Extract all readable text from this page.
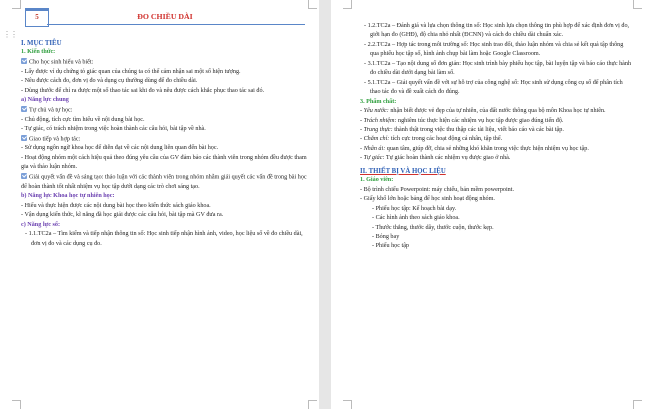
⋮⋮
5	ĐO CHIỀU DÀI

I. MỤC TIÊU

1. Kiến thức:

Cho học sinh hiểu và biết:

- Lấy được ví dụ chứng tỏ giác quan của chúng ta có thể cảm nhận sai một số hiện tượng.

- Nêu được cách đo, đơn vị đo và dụng cụ thường dùng để đo chiều dài.

- Dùng thước để chỉ ra được một số thao tác sai khi đo và nêu được cách khắc phục thao tác sai đó.

a) Năng lực chung

Tự chủ và tự học:

- Chủ động, tích cực tìm hiểu về nội dung bài học.

- Tự giác, có trách nhiệm trong việc hoàn thành các câu hỏi, bài tập về nhà.

Giao tiếp và hợp tác:

- Sử dụng ngôn ngữ khoa học để diễn đạt về các nội dung liên quan đến bài học.

- Hoạt động nhóm một cách hiệu quả theo đúng yêu cầu của GV đảm bảo các thành viên trong nhóm đều được tham gia và thảo luận nhóm.

Giải quyết vấn đề và sáng tạo: thảo luận với các thành viên trong nhóm nhằm giải quyết các vấn đề trong bài học để hoàn thành tốt nhất nhiệm vụ học tập dưới dạng các trò chơi sáng tạo.

b) Năng lực Khoa học tự nhiên học:

- Hiểu và thực hiện được các nội dung bài học theo kiến thức sách giáo khoa.

- Vận dụng kiến thức, kĩ năng đã học giải được các câu hỏi, bài tập mà GV đưa ra.

c) Năng lực số:

- 1.1.TC2a – Tìm kiếm và tiếp nhận thông tin số: Học sinh tiếp nhận hình ảnh, video, học liệu số về đo chiều dài, đơn vị đo và các dụng cụ đo.

- 1.2.TC2a – Đánh giá và lựa chọn thông tin số: Học sinh lựa chọn thông tin phù hợp để xác định đơn vị đo, giới hạn đo (GHĐ), độ chia nhỏ nhất (ĐCNN) và cách đo chiều dài chuẩn xác.

- 2.2.TC2a – Hợp tác trong môi trường số: Học sinh trao đổi, thảo luận nhóm và chia sẻ kết quả tập thông qua phiếu học tập số, hình ảnh chụp bài làm hoặc Google Classroom.

- 3.1.TC2a – Tạo nội dung số đơn giản: Học sinh trình bày phiếu học tập, bài luyện tập và báo cáo thực hành đo chiều dài dưới dạng bài làm số.

- 5.1.TC2a – Giải quyết vấn đề với sự hỗ trợ của công nghệ số: Học sinh sử dụng công cụ số để phân tích thao tác đo và đề xuất cách đo đúng.

3. Phẩm chất:

- Yêu nước: nhận biết được vẻ đẹp của tự nhiên, của đất nước thông qua bộ môn Khoa học tự nhiên.

- Trách nhiệm: nghiêm túc thực hiện các nhiệm vụ học tập được giao đúng tiến độ.

- Trung thực: thành thật trong việc thu thập các tài liệu, viết báo cáo và các bài tập.

- Chăm chỉ: tích cực trong các hoạt động cá nhân, tập thể.

- Nhân ái: quan tâm, giúp đỡ, chia sẻ những khó khăn trong việc thực hiện nhiệm vụ học tập.

- Tự giác: Tự giác hoàn thành các nhiệm vụ được giao ở nhà.

II. THIẾT BỊ VÀ HỌC LIỆU

1. Giáo viên:

- Bộ trình chiếu Powerpoint: máy chiếu, bản mềm powerpoint.

- Giấy khổ lớn hoặc bảng để học sinh hoạt động nhóm.

- Phiếu học tập: Kế hoạch bài dạy.

- Các hình ảnh theo sách giáo khoa.

- Thước thẳng, thước dây, thước cuộn, thước kẹp.

- Bóng bay

- Phiếu học tập
